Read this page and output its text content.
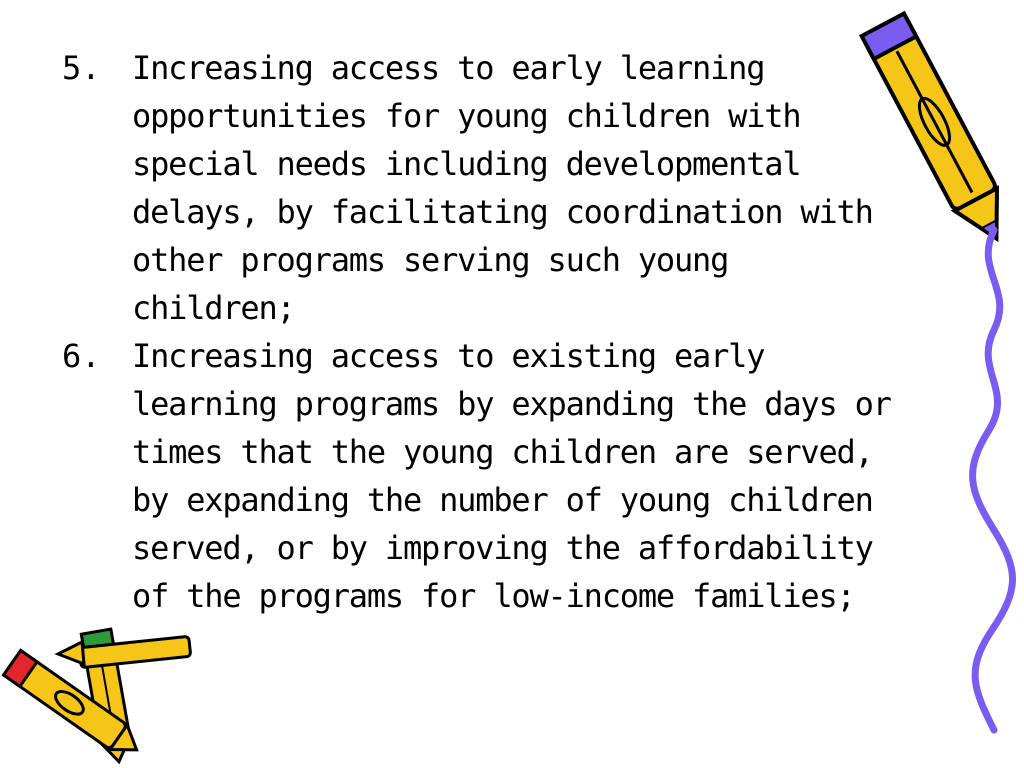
5. Increasing access to early learning opportunities for young children with special needs including developmental delays, by facilitating coordination with other programs serving such young children;
6. Increasing access to existing early learning programs by expanding the days or times that the young children are served, by expanding the number of young children served, or by improving the affordability of the programs for low-income families;
